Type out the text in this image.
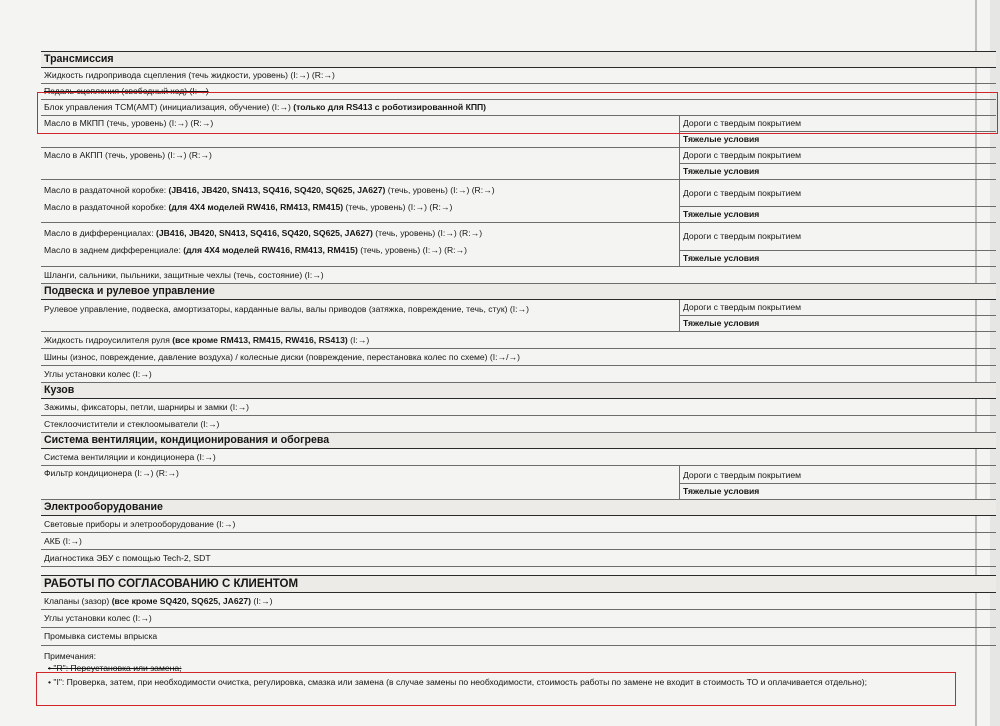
Трансмиссия
Жидкость гидропривода сцепления (течь жидкости, уровень) (I:→) (R:→)
Педаль сцепления (свободный ход) (I:→)
Блок управления TCM(AMT) (инициализация, обучение) (I:→) (только для RS413 с роботизированной КПП)
Масло в МКПП (течь, уровень) (I:→) (R:→)	Дороги с твердым покрытием
Тяжелые условия
Масло в АКПП (течь, уровень) (I:→) (R:→)	Дороги с твердым покрытием
Тяжелые условия
Масло в раздаточной коробке: (JB416, JB420, SN413, SQ416, SQ420, SQ625, JA627) (течь, уровень) (I:→) (R:→)
Масло в раздаточной коробке: (для 4X4 моделей RW416, RM413, RM415) (течь, уровень) (I:→) (R:→)
Дороги с твердым покрытием
Тяжелые условия
Масло в дифференциалах: (JB416, JB420, SN413, SQ416, SQ420, SQ625, JA627) (течь, уровень) (I:→) (R:→)
Масло в заднем дифференциале: (для 4X4 моделей RW416, RM413, RM415) (течь, уровень) (I:→) (R:→)
Дороги с твердым покрытием
Тяжелые условия
Шланги, сальники, пыльники, защитные чехлы (течь, состояние) (I:→)
Подвеска и рулевое управление
Рулевое управление, подвеска, амортизаторы, карданные валы, валы приводов (затяжка, повреждение, течь, стук) (I:→)	Дороги с твердым покрытием
Тяжелые условия
Жидкость гидроусилителя руля (все кроме RM413, RM415, RW416, RS413) (I:→)
Шины (износ, повреждение, давление воздуха) / колесные диски (повреждение, перестановка колес по схеме) (I:→/→)
Углы установки колес (I:→)
Кузов
Зажимы, фиксаторы, петли, шарниры и замки (I:→)
Стеклоочистители и стеклоомыватели (I:→)
Система вентиляции, кондиционирования и обогрева
Система вентиляции и кондиционера (I:→)
Фильтр кондиционера (I:→) (R:→)	Дороги с твердым покрытием
Тяжелые условия
Электрооборудование
Световые приборы и элетрооборудование (I:→)
АКБ (I:→)
Диагностика ЭБУ с помощью Tech-2, SDT
РАБОТЫ ПО СОГЛАСОВАНИЮ С КЛИЕНТОМ
Клапаны (зазор) (все кроме SQ420, SQ625, JA627) (I:→)
Углы установки колес (I:→)
Промывка системы впрыска
Примечания:
• "R": Переустановка или замена;
• "I": Проверка, затем, при необходимости очистка, регулировка, смазка или замена (в случае замены по необходимости, стоимость работы по замене не входит в стоимость ТО и оплачивается отдельно);
